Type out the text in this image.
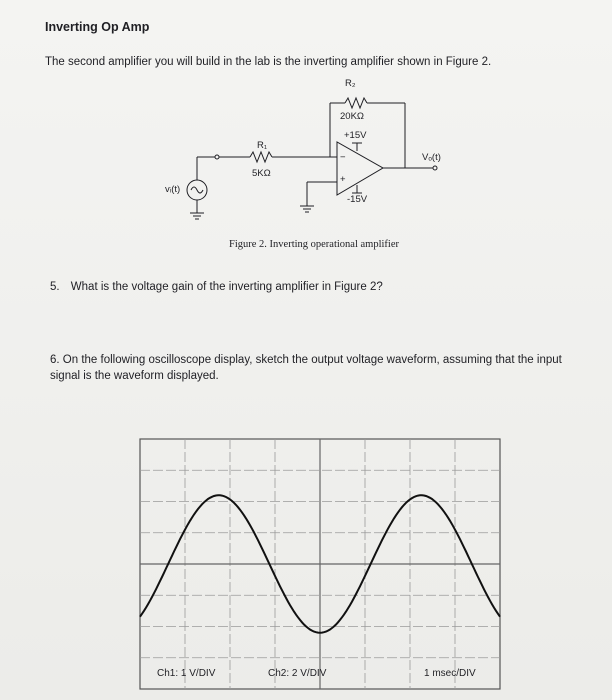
Inverting Op Amp
The second amplifier you will build in the lab is the inverting amplifier shown in Figure 2.
R₂
20KΩ
R₁
5KΩ
+15V
-15V
vᵢ(t)
Vₒ(t)
−
+
Figure 2. Inverting operational amplifier
5. What is the voltage gain of the inverting amplifier in Figure 2?
6. On the following oscilloscope display, sketch the output voltage waveform, assuming that the input signal is the waveform displayed.
Ch1: 1 V/DIV	Ch2: 2 V/DIV	1 msec/DIV
